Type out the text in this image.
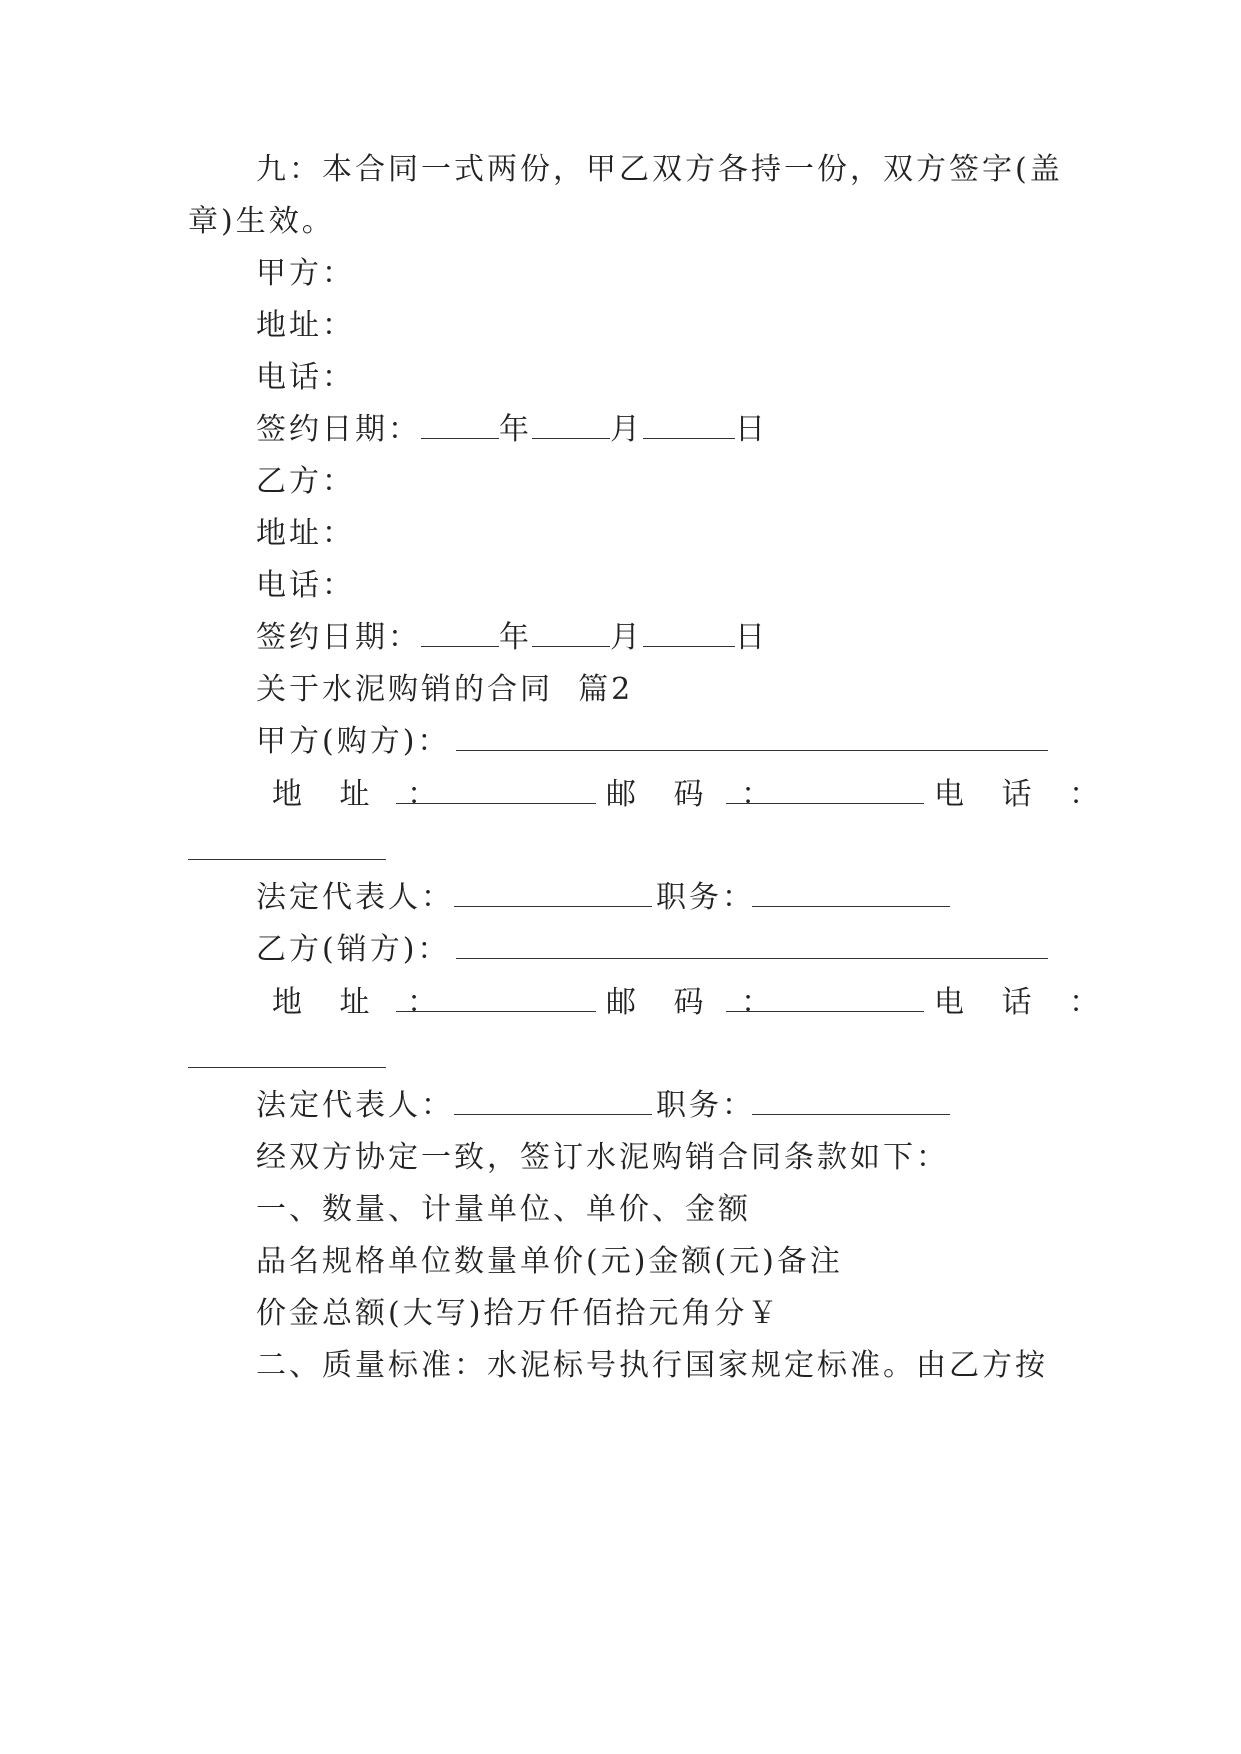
九：本合同一式两份，甲乙双方各持一份，双方签字(盖
章)生效。
甲方：
地址：
电话：
签约日期：	年	月	日
乙方：
地址：
电话：
签约日期：	年	月	日
关于水泥购销的合同  篇2
甲方(购方)：
地 址 ：	邮 码 ：	电 话 ：
法定代表人：	职务：
乙方(销方)：
地 址 ：	邮 码 ：	电 话 ：
法定代表人：	职务：
经双方协定一致，签订水泥购销合同条款如下：
一、数量、计量单位、单价、金额
品名规格单位数量单价(元)金额(元)备注
价金总额(大写)拾万仟佰拾元角分￥
二、质量标准：水泥标号执行国家规定标准。由乙方按
